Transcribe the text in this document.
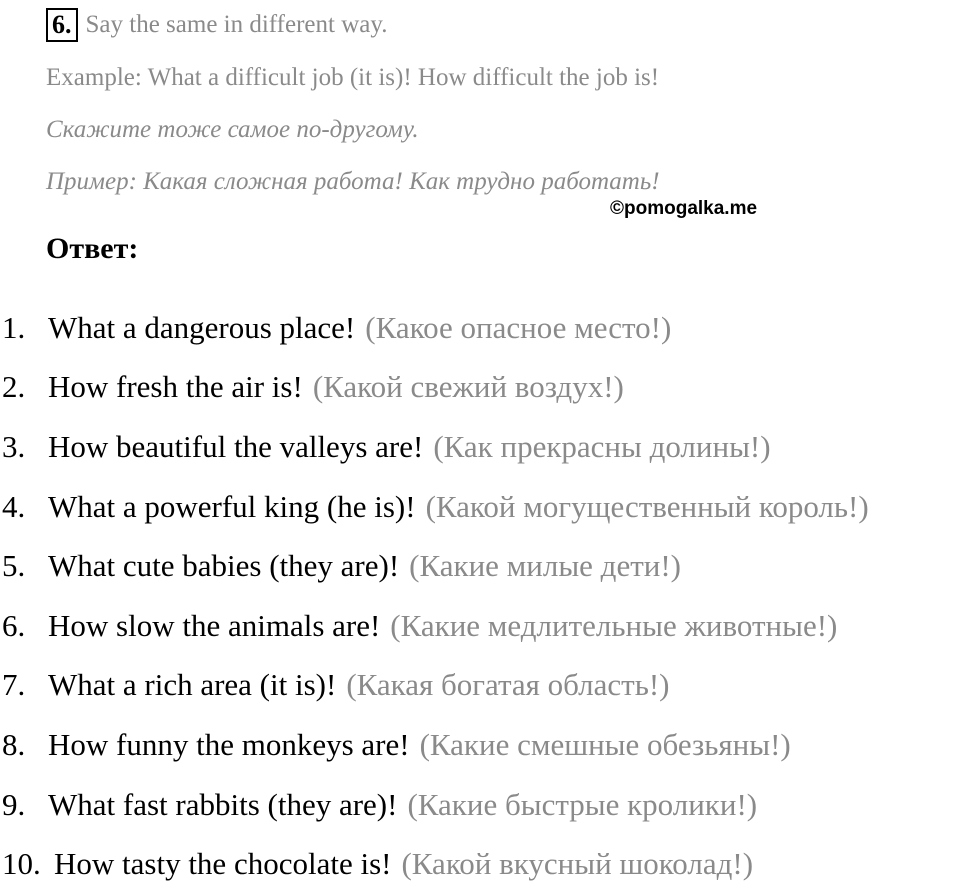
6. Say the same in different way.
Example: What a difficult job (it is)! How difficult the job is!
Скажите тоже самое по-другому.
Пример: Какая сложная работа! Как трудно работать!
©pomogalka.me
Ответ:
1. What a dangerous place! (Какое опасное место!)
2. How fresh the air is! (Какой свежий воздух!)
3. How beautiful the valleys are! (Как прекрасны долины!)
4. What a powerful king (he is)! (Какой могущественный король!)
5. What cute babies (they are)! (Какие милые дети!)
6. How slow the animals are! (Какие медлительные животные!)
7. What a rich area (it is)! (Какая богатая область!)
8. How funny the monkeys are! (Какие смешные обезьяны!)
9. What fast rabbits (they are)! (Какие быстрые кролики!)
10. How tasty the chocolate is! (Какой вкусный шоколад!)
